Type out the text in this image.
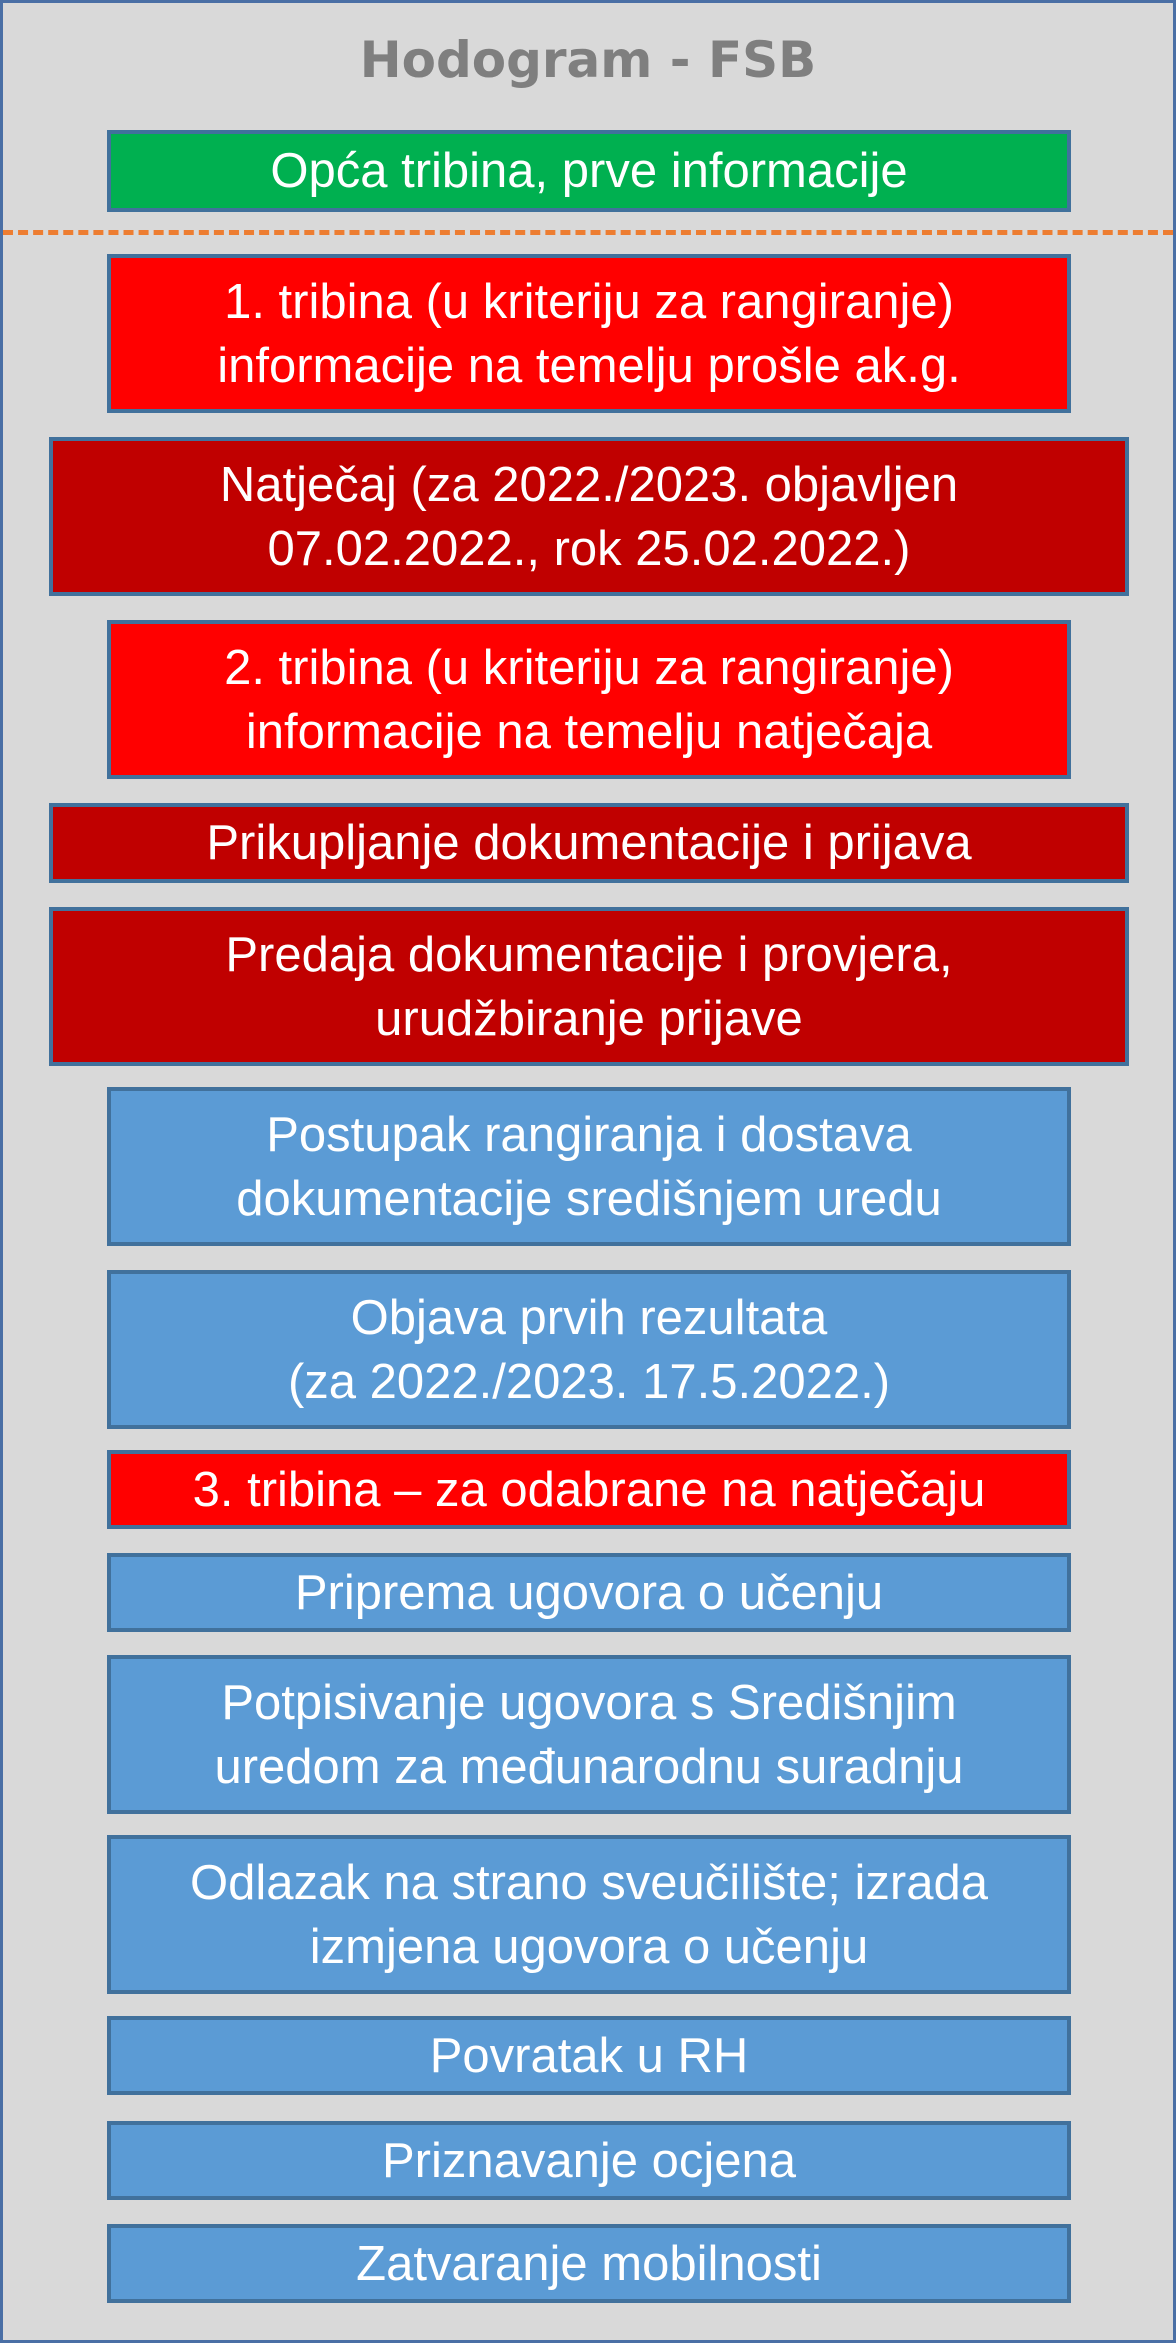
Hodogram - FSB
Opća tribina, prve informacije
1. tribina (u kriteriju za rangiranje)
informacije na temelju prošle ak.g.
Natječaj (za 2022./2023. objavljen
07.02.2022., rok 25.02.2022.)
2. tribina (u kriteriju za rangiranje)
informacije na temelju natječaja
Prikupljanje dokumentacije i prijava
Predaja dokumentacije i provjera,
urudžbiranje prijave
Postupak rangiranja i dostava
dokumentacije središnjem uredu
Objava prvih rezultata
(za 2022./2023. 17.5.2022.)
3. tribina – za odabrane na natječaju
Priprema ugovora o učenju
Potpisivanje ugovora s Središnjim
uredom za međunarodnu suradnju
Odlazak na strano sveučilište; izrada
izmjena ugovora o učenju
Povratak u RH
Priznavanje ocjena
Zatvaranje mobilnosti
